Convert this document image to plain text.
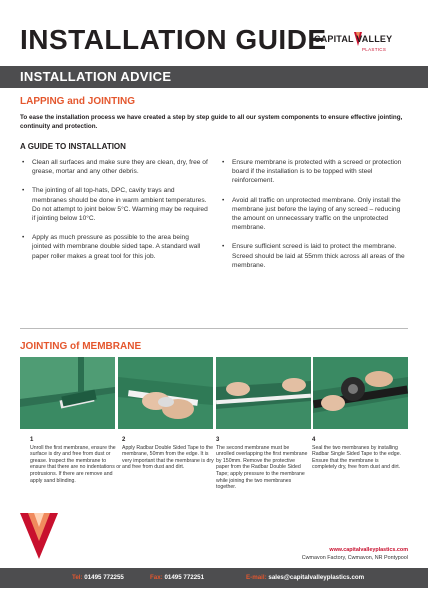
INSTALLATION GUIDE
CAPITAL VALLEY
PLASTICS
INSTALLATION ADVICE
LAPPING and JOINTING
To ease the installation process we have created a step by step guide to all our system components to ensure effective jointing, continuity and protection.
A GUIDE TO INSTALLATION
• Clean all surfaces and make sure they are clean, dry, free of grease, mortar and any other debris.
• The jointing of all top-hats, DPC, cavity trays and membranes should be done in warm ambient temperatures. Do not attempt to joint below 5°C. Warming may be required if jointing below 10°C.
• Apply as much pressure as possible to the area being jointed with membrane double sided tape. A standard wall paper roller makes a great tool for this job.
• Ensure membrane is protected with a screed or protection board if the installation is to be topped with steel reinforcement.
• Avoid all traffic on unprotected membrane. Only install the membrane just before the laying of any screed – reducing the amount on unnecessary traffic on the unprotected membrane.
• Ensure sufficient screed is laid to protect the membrane. Screed should be laid at 55mm thick across all areas of the membrane.
JOINTING of MEMBRANE
1
Unroll the first membrane, ensure the surface is dry and free from dust or grease. Inspect the membrane to ensure that there are no indentations or protrusions. If there are remove and apply sand blinding.
2
Apply Radbar Double Sided Tape to the membrane, 50mm from the edge. It is very important that the membrane is dry and free from dust and dirt.
3
The second membrane must be unrolled overlapping the first membrane by 150mm. Remove the protective paper from the Radbar Double Sided Tape; apply pressure to the membrane while joining the two membranes together.
4
Seal the two membranes by installing Radbar Single Sided Tape to the edge. Ensure that the membrane is completely dry, free from dust and dirt.
www.capitalvalleyplastics.com
Cwmavon Factory, Cwmavon, NR Pontypool
Tel: 01495 772255	Fax: 01495 772251	E-mail: sales@capitalvalleyplastics.com
